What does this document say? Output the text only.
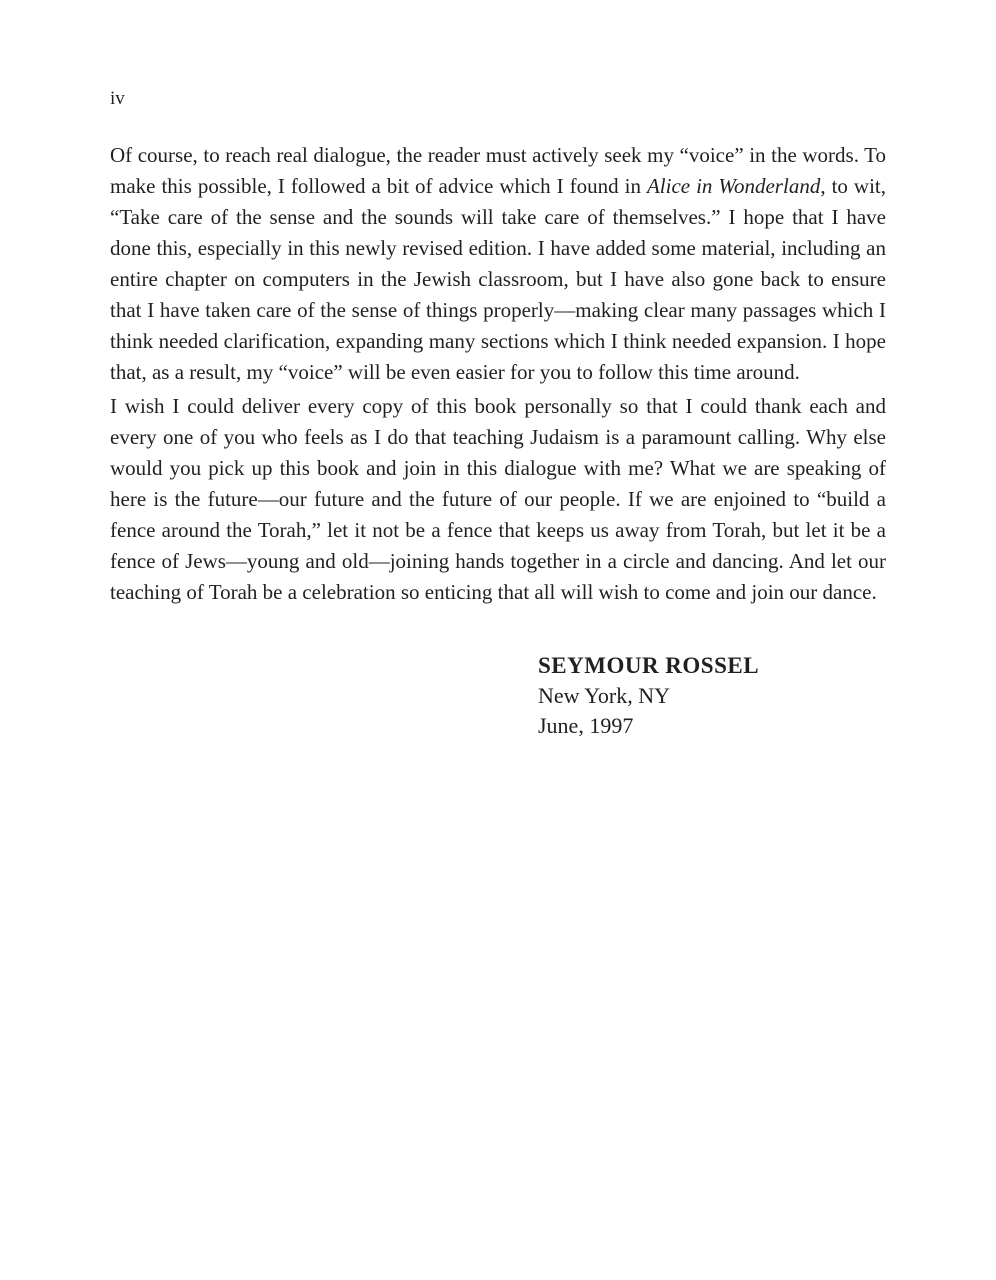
iv

Of course, to reach real dialogue, the reader must actively seek my “voice” in the words. To make this possible, I followed a bit of advice which I found in Alice in Wonderland, to wit, “Take care of the sense and the sounds will take care of themselves.” I hope that I have done this, especially in this newly revised edition. I have added some material, including an entire chapter on computers in the Jewish classroom, but I have also gone back to ensure that I have taken care of the sense of things properly—making clear many passages which I think needed clarification, expanding many sections which I think needed expansion. I hope that, as a result, my “voice” will be even easier for you to follow this time around.

I wish I could deliver every copy of this book personally so that I could thank each and every one of you who feels as I do that teaching Judaism is a paramount calling. Why else would you pick up this book and join in this dialogue with me? What we are speaking of here is the future—our future and the future of our people. If we are enjoined to “build a fence around the Torah,” let it not be a fence that keeps us away from Torah, but let it be a fence of Jews—young and old—joining hands together in a circle and dancing. And let our teaching of Torah be a celebration so enticing that all will wish to come and join our dance.

SEYMOUR ROSSEL
New York, NY
June, 1997
